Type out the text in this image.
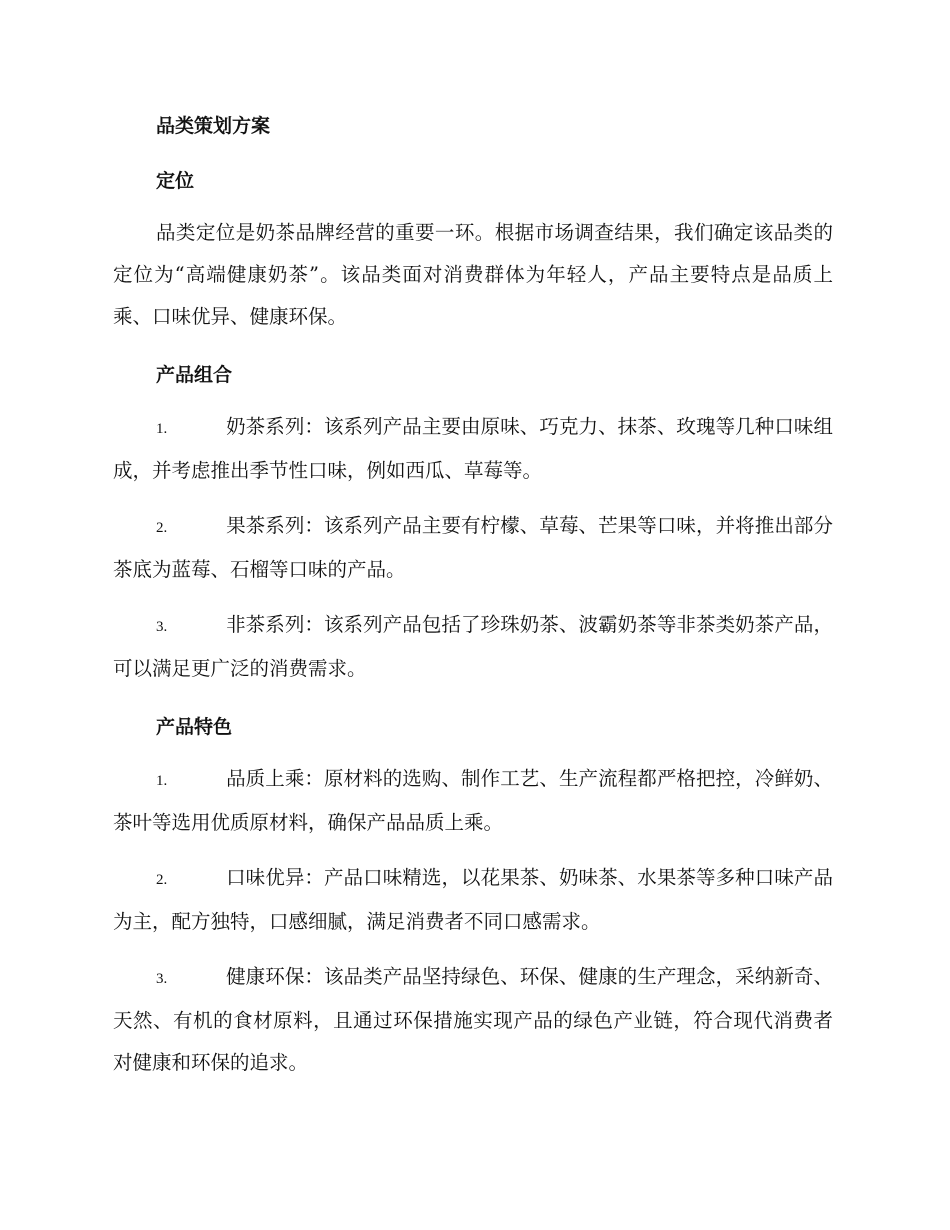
品类策划方案
定位

品类定位是奶茶品牌经营的重要一环。根据市场调查结果，我们确定该品类的定位为“高端健康奶茶”。该品类面对消费群体为年轻人，产品主要特点是品质上乘、口味优异、健康环保。

产品组合

1.	奶茶系列：该系列产品主要由原味、巧克力、抹茶、玫瑰等几种口味组成，并考虑推出季节性口味，例如西瓜、草莓等。

2.	果茶系列：该系列产品主要有柠檬、草莓、芒果等口味，并将推出部分茶底为蓝莓、石榴等口味的产品。

3.	非茶系列：该系列产品包括了珍珠奶茶、波霸奶茶等非茶类奶茶产品，可以满足更广泛的消费需求。

产品特色

1.	品质上乘：原材料的选购、制作工艺、生产流程都严格把控，冷鲜奶、茶叶等选用优质原材料，确保产品品质上乘。

2.	口味优异：产品口味精选，以花果茶、奶味茶、水果茶等多种口味产品为主，配方独特，口感细腻，满足消费者不同口感需求。

3.	健康环保：该品类产品坚持绿色、环保、健康的生产理念，采纳新奇、天然、有机的食材原料，且通过环保措施实现产品的绿色产业链，符合现代消费者对健康和环保的追求。
